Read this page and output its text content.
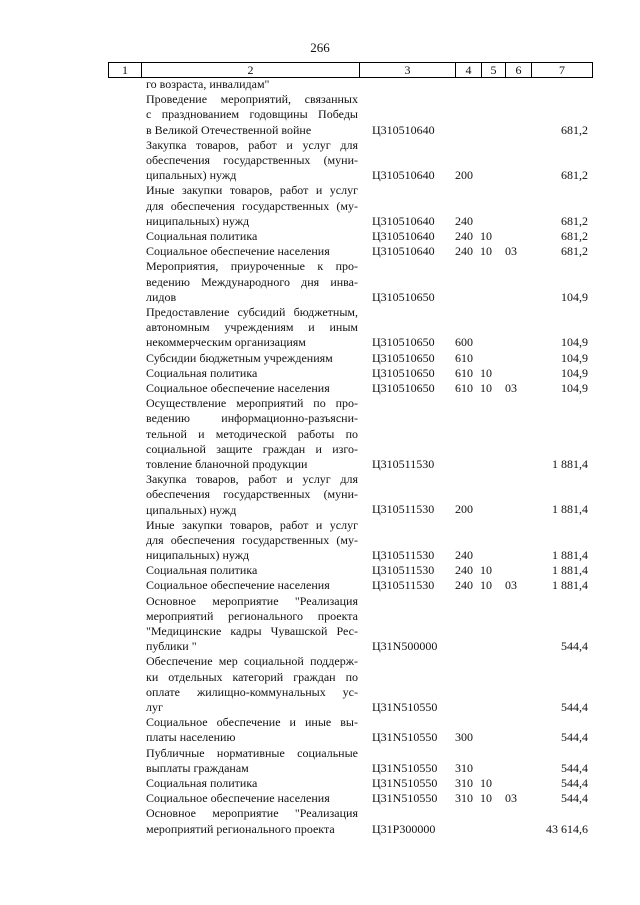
266
1	2	3	4	5	6	7
го возраста, инвалидам"
Проведение мероприятий, связанных
с празднованием годовщины Победы
в Великой Отечественной войне	Ц310510640	681,2
Закупка товаров, работ и услуг для
обеспечения государственных (муни-
ципальных) нужд	Ц310510640 200	681,2
Иные закупки товаров, работ и услуг
для обеспечения государственных (му-
ниципальных) нужд	Ц310510640 240	681,2
Социальная политика	Ц310510640 240 10	681,2
Социальное обеспечение населения	Ц310510640 240 10 03	681,2
Мероприятия, приуроченные к про-
ведению Международного дня инва-
лидов	Ц310510650	104,9
Предоставление субсидий бюджетным,
автономным учреждениям и иным
некоммерческим организациям	Ц310510650 600	104,9
Субсидии бюджетным учреждениям	Ц310510650 610	104,9
Социальная политика	Ц310510650 610 10	104,9
Социальное обеспечение населения	Ц310510650 610 10 03	104,9
Осуществление мероприятий по про-
ведению информационно-разъясни-
тельной и методической работы по
социальной защите граждан и изго-
товление бланочной продукции	Ц310511530	1 881,4
Закупка товаров, работ и услуг для
обеспечения государственных (муни-
ципальных) нужд	Ц310511530 200	1 881,4
Иные закупки товаров, работ и услуг
для обеспечения государственных (му-
ниципальных) нужд	Ц310511530 240	1 881,4
Социальная политика	Ц310511530 240 10	1 881,4
Социальное обеспечение населения	Ц310511530 240 10 03	1 881,4
Основное мероприятие "Реализация
мероприятий регионального проекта
"Медицинские кадры Чувашской Рес-
публики "	Ц31N500000	544,4
Обеспечение мер социальной поддерж-
ки отдельных категорий граждан по
оплате жилищно-коммунальных ус-
луг	Ц31N510550	544,4
Социальное обеспечение и иные вы-
платы населению	Ц31N510550 300	544,4
Публичные нормативные социальные
выплаты гражданам	Ц31N510550 310	544,4
Социальная политика	Ц31N510550 310 10	544,4
Социальное обеспечение населения	Ц31N510550 310 10 03	544,4
Основное мероприятие "Реализация
мероприятий регионального проекта	Ц31Р300000	43 614,6
